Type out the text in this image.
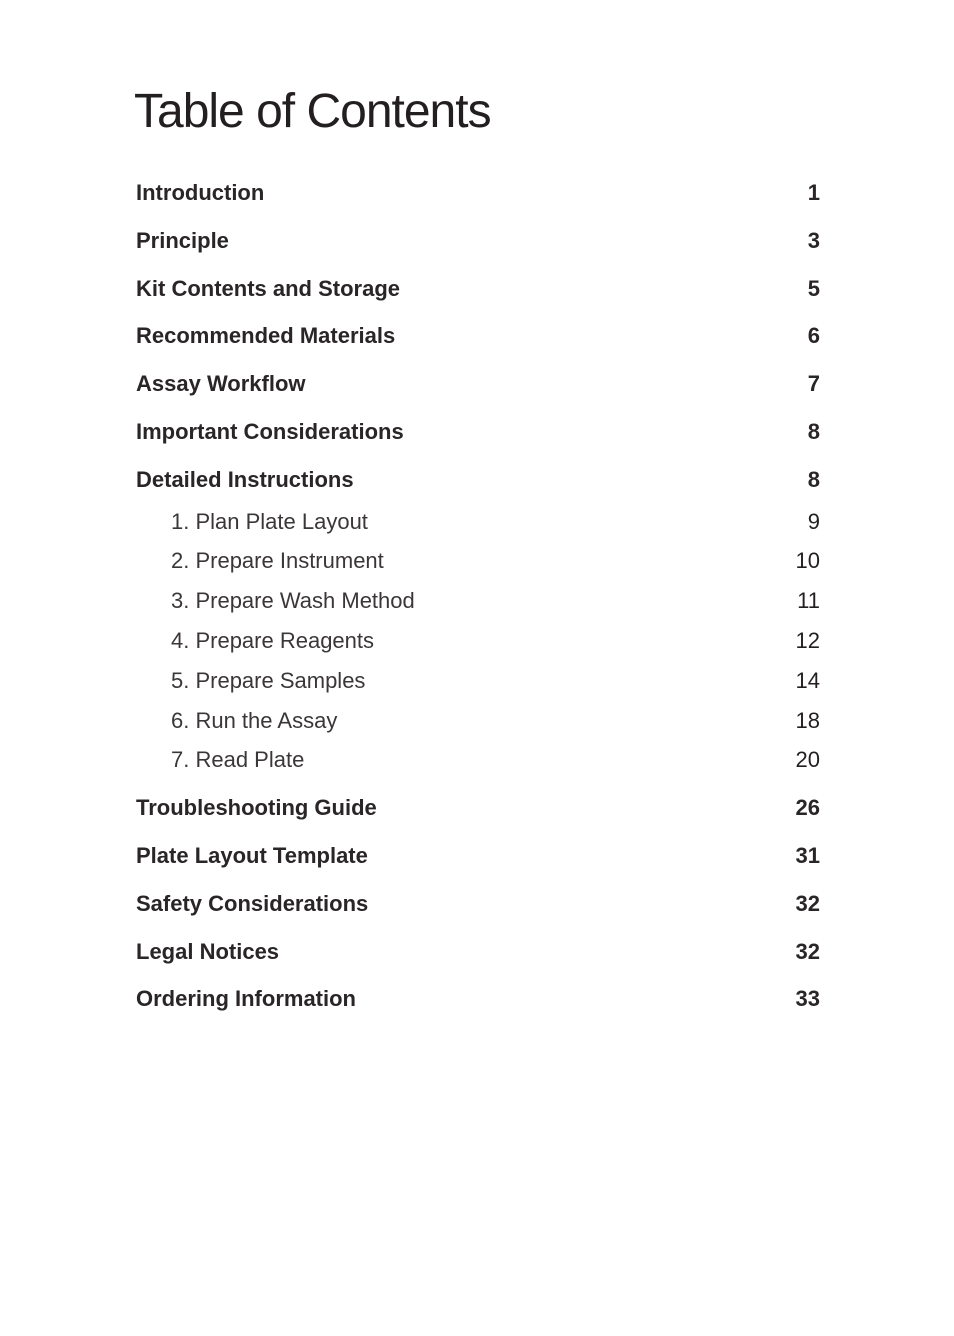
Table of Contents
Introduction	1
Principle	3
Kit Contents and Storage	5
Recommended Materials	6
Assay Workflow	7
Important Considerations	8
Detailed Instructions	8
1. Plan Plate Layout	9
2. Prepare Instrument	10
3. Prepare Wash Method	11
4. Prepare Reagents	12
5. Prepare Samples	14
6. Run the Assay	18
7. Read Plate	20
Troubleshooting Guide	26
Plate Layout Template	31
Safety Considerations	32
Legal Notices	32
Ordering Information	33
